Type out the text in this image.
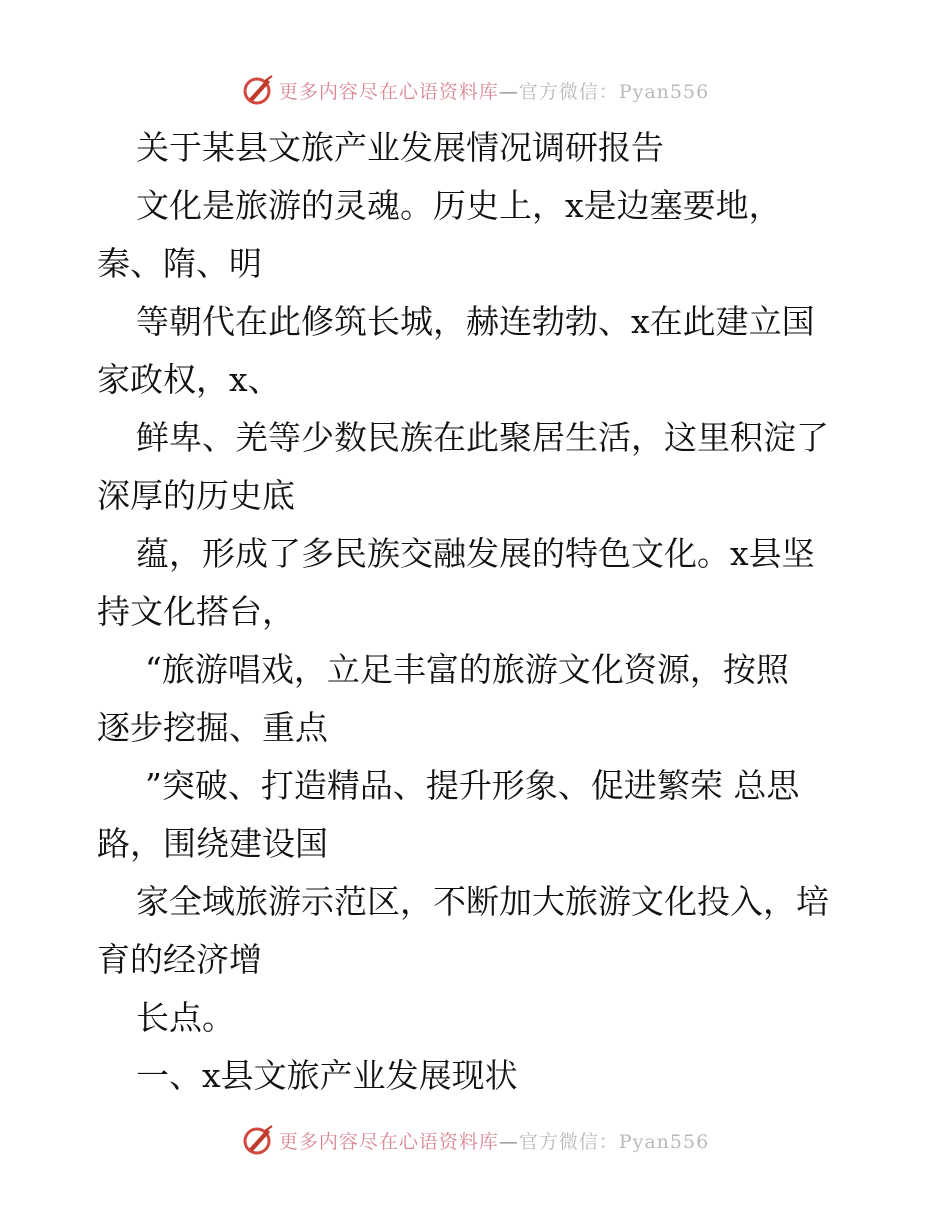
更多内容尽在心语资料库—官方微信：Pyan556
关于某县文旅产业发展情况调研报告
文化是旅游的灵魂。历史上，x是边塞要地，
秦、隋、明
等朝代在此修筑长城，赫连勃勃、x在此建立国
家政权，x、
鲜卑、羌等少数民族在此聚居生活，这里积淀了
深厚的历史底
蕴，形成了多民族交融发展的特色文化。x县坚
持文化搭台，
“旅游唱戏，立足丰富的旅游文化资源，按照
逐步挖掘、重点
”突破、打造精品、提升形象、促进繁荣 总思
路，围绕建设国
家全域旅游示范区，不断加大旅游文化投入，培
育的经济增
长点。
一、x县文旅产业发展现状
更多内容尽在心语资料库—官方微信：Pyan556
